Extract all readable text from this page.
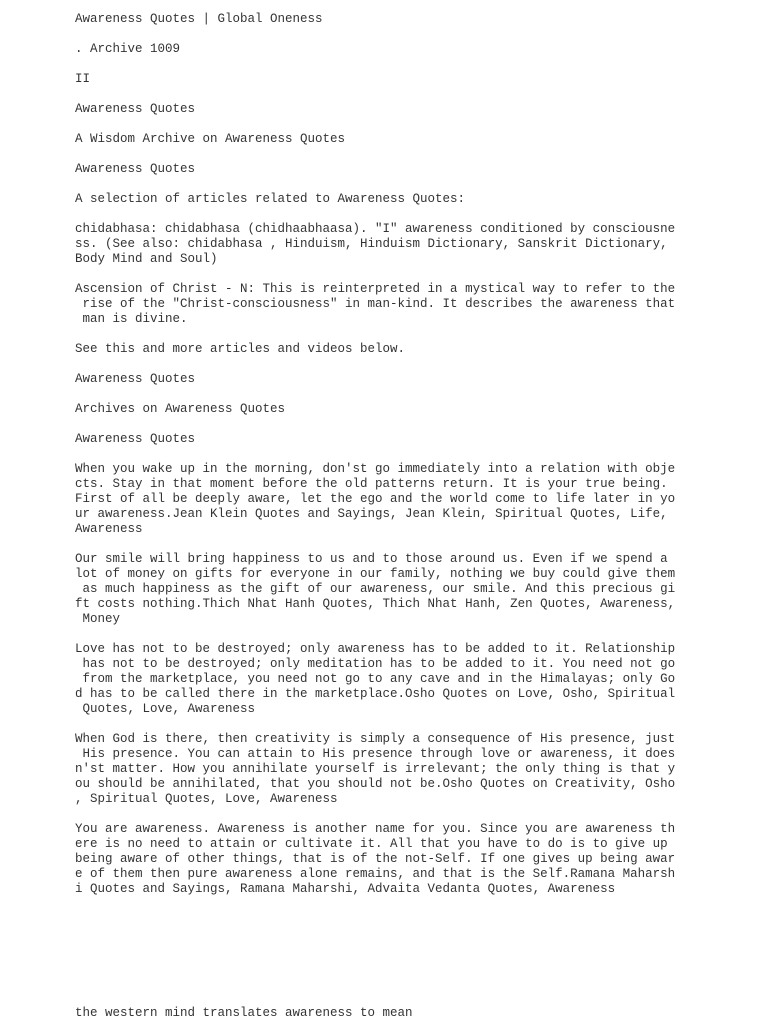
Awareness Quotes | Global Oneness
. Archive 1009
II
Awareness Quotes
A Wisdom Archive on Awareness Quotes
Awareness Quotes
A selection of articles related to Awareness Quotes:
chidabhasa: chidabhasa (chidhaabhaasa). "I" awareness conditioned by consciousne
ss. (See also: chidabhasa , Hinduism, Hinduism Dictionary, Sanskrit Dictionary,
Body Mind and Soul)
Ascension of Christ - N: This is reinterpreted in a mystical way to refer to the
rise of the "Christ-consciousness" in man-kind. It describes the awareness that
man is divine.
See this and more articles and videos below.
Awareness Quotes
Archives on Awareness Quotes
Awareness Quotes
When you wake up in the morning, don'st go immediately into a relation with obje
cts. Stay in that moment before the old patterns return. It is your true being.
First of all be deeply aware, let the ego and the world come to life later in yo
ur awareness.Jean Klein Quotes and Sayings, Jean Klein, Spiritual Quotes, Life,
Awareness
Our smile will bring happiness to us and to those around us. Even if we spend a
lot of money on gifts for everyone in our family, nothing we buy could give them
as much happiness as the gift of our awareness, our smile. And this precious gi
ft costs nothing.Thich Nhat Hanh Quotes, Thich Nhat Hanh, Zen Quotes, Awareness,
Money
Love has not to be destroyed; only awareness has to be added to it. Relationship
has not to be destroyed; only meditation has to be added to it. You need not go
from the marketplace, you need not go to any cave and in the Himalayas; only Go
d has to be called there in the marketplace.Osho Quotes on Love, Osho, Spiritual
Quotes, Love, Awareness
When God is there, then creativity is simply a consequence of His presence, just
His presence. You can attain to His presence through love or awareness, it does
n'st matter. How you annihilate yourself is irrelevant; the only thing is that y
ou should be annihilated, that you should not be.Osho Quotes on Creativity, Osho
, Spiritual Quotes, Love, Awareness
You are awareness. Awareness is another name for you. Since you are awareness th
ere is no need to attain or cultivate it. All that you have to do is to give up
being aware of other things, that is of the not-Self. If one gives up being awar
e of them then pure awareness alone remains, and that is the Self.Ramana Maharsh
i Quotes and Sayings, Ramana Maharshi, Advaita Vedanta Quotes, Awareness
the western mind translates awareness to mean
